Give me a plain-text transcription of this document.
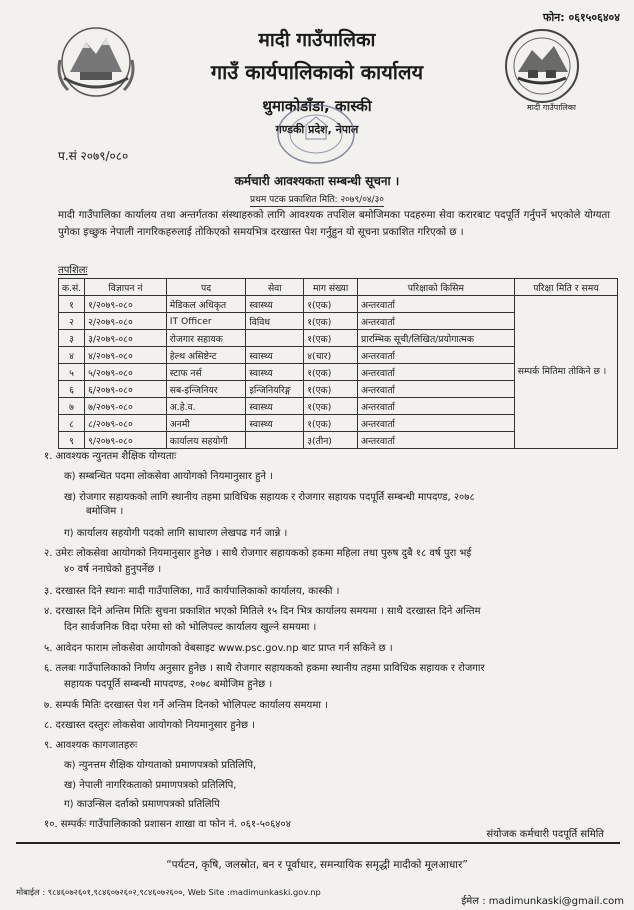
फोन: ०६१५०६४०४
मादी गाउँपालिका
गाउँ कार्यपालिकाको कार्यालय
थुमाकोडाँडा, कास्की
गण्डकी प्रदेश, नेपाल
मादी गाउँपालिका
प.सं २०७९/०८०
कर्मचारी आवश्यकता सम्बन्धी सूचना ।
प्रथम पटक प्रकाशित मिति: २०७९/०४/३०
मादी गाउँपालिका कार्यालय तथा अन्तर्गतका संस्थाहरुको लागि आवश्यक तपशिल बमोजिमका पदहरुमा सेवा करारबाट पदपूर्ति गर्नुपर्ने भएकोले योग्यता पुगेका इच्छुक नेपाली नागरिकहरुलाई तोकिएको समयभित्र दरखास्त पेश गर्नुहुन यो सूचना प्रकाशित गरिएको छ ।
तपशिलः
क.सं.	विज्ञापन नं	पद	सेवा	माग संख्या	परिक्षाको किसिम	परिक्षा मिति र समय
१	१/२०७९-०८०	मेडिकल अधिकृत	स्वास्थ्य	१(एक)	अन्तरवार्ता	सम्पर्क मितिमा तोकिने छ ।
२	२/२०७९-०८०	IT Officer	विविध	१(एक)	अन्तरवार्ता	
३	३/२०७९-०८०	रोजगार सहायक		१(एक)	प्रारम्भिक सूची/लिखित/प्रयोगात्मक	
४	४/२०७९-०८०	हेल्थ असिष्टेन्ट	स्वास्थ्य	४(चार)	अन्तरवार्ता	
५	५/२०७९-०८०	स्टाफ नर्स	स्वास्थ्य	१(एक)	अन्तरवार्ता	
६	६/२०७९-०८०	सब-इन्जिनियर	इन्जिनियरिङ्ग	१(एक)	अन्तरवार्ता	
७	७/२०७९-०८०	अ.हे.व.	स्वास्थ्य	१(एक)	अन्तरवार्ता	
८	८/२०७९-०८०	अनमी	स्वास्थ्य	१(एक)	अन्तरवार्ता	
९	९/२०७९-०८०	कार्यालय सहयोगी		३(तीन)	अन्तरवार्ता	
१. आवश्यक न्युनतम शैक्षिक योग्यताः
क) सम्बन्धित पदमा लोकसेवा आयोगको नियमानुसार हुने ।
ख) रोजगार सहायकको लागि स्थानीय तहमा प्राविधिक सहायक र रोजगार सहायक पदपूर्ति सम्बन्धी मापदण्ड, २०७८
बमोजिम ।
ग) कार्यालय सहयोगी पदको लागि साधारण लेखपढ गर्न जान्ने ।
२. उमेरः लोकसेवा आयोगको नियमानुसार हुनेछ । साथै रोजगार सहायकको हकमा महिला तथा पुरुष दुबै १८ वर्ष पुरा भई
४० वर्ष ननाघेको हुनुपर्नेछ ।
३. दरखास्त दिने स्थानः मादी गाउँपालिका, गाउँ कार्यपालिकाको कार्यालय, कास्की ।
४. दरखास्त दिने अन्तिम मितिः सुचना प्रकाशित भएको मितिले १५ दिन भित्र कार्यालय समयमा । साथै दरखास्त दिने अन्तिम
दिन सार्वजनिक विदा परेमा सो को भोलिपल्ट कार्यालय खुल्ने समयमा ।
५. आवेदन फाराम लोकसेवा आयोगको वेबसाइट www.psc.gov.np बाट प्राप्त गर्न सकिने छ ।
६. तलबः गाउँपालिकाको निर्णय अनुसार हुनेछ । साथै रोजगार सहायकको हकमा स्थानीय तहमा प्राविधिक सहायक र रोजगार
सहायक पदपूर्ति सम्बन्धी मापदण्ड, २०७८ बमोजिम हुनेछ ।
७. सम्पर्क मितिः दरखास्त पेश गर्ने अन्तिम दिनको भोलिपल्ट कार्यालय समयमा ।
८. दरखास्त दस्तुरः लोकसेवा आयोगको नियमानुसार हुनेछ ।
९. आवश्यक कागजातहरुः
क) न्युनत्तम शैक्षिक योग्यताको प्रमाणपत्रको प्रतिलिपि,
ख) नेपाली नागरिकताको प्रमाणपत्रको प्रतिलिपि,
ग) काउन्सिल दर्ताको प्रमाणपत्रको प्रतिलिपि
१०. सम्पर्कः गाउँपालिकाको प्रशासन शाखा वा फोन नं. ०६१-५०६४०४
संयोजक कर्मचारी पदपूर्ति समिति
“पर्यटन, कृषि, जलस्रोत, बन र पूर्वाधार, समन्यायिक समृद्धी मादीको मूलआधार”
मोबाईल : ९८४६०७२६०१,९८४६०७२६०२,९८४६०७२६००, Web Site :madimunkaski.gov.np
ईमेल : madimunkaski@gmail.com
